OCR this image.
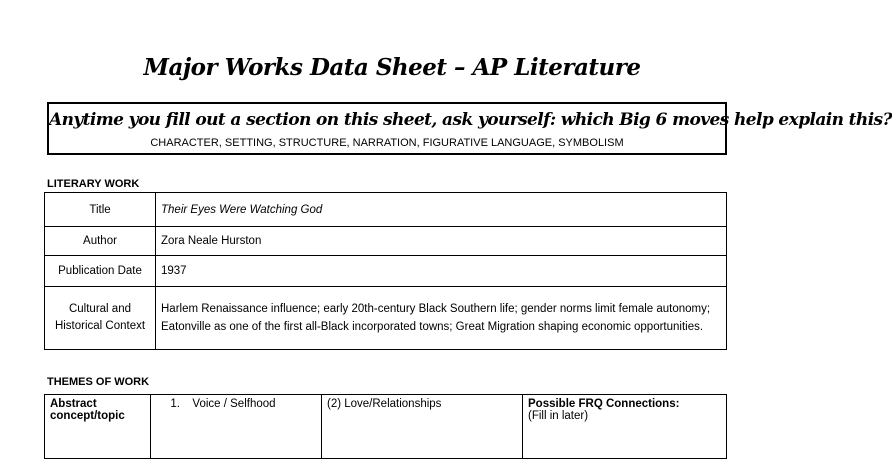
Major Works Data Sheet – AP Literature
Anytime you fill out a section on this sheet, ask yourself: which Big 6 moves help explain this?
CHARACTER, SETTING, STRUCTURE, NARRATION, FIGURATIVE LANGUAGE, SYMBOLISM
LITERARY WORK
Title	Their Eyes Were Watching God
Author	Zora Neale Hurston
Publication Date	1937
Cultural and Historical Context	Harlem Renaissance influence; early 20th-century Black Southern life; gender norms limit female autonomy; Eatonville as one of the first all-Black incorporated towns; Great Migration shaping economic opportunities.
THEMES OF WORK
Abstract concept/topic	1. Voice / Selfhood	(2) Love/Relationships	Possible FRQ Connections:
(Fill in later)
